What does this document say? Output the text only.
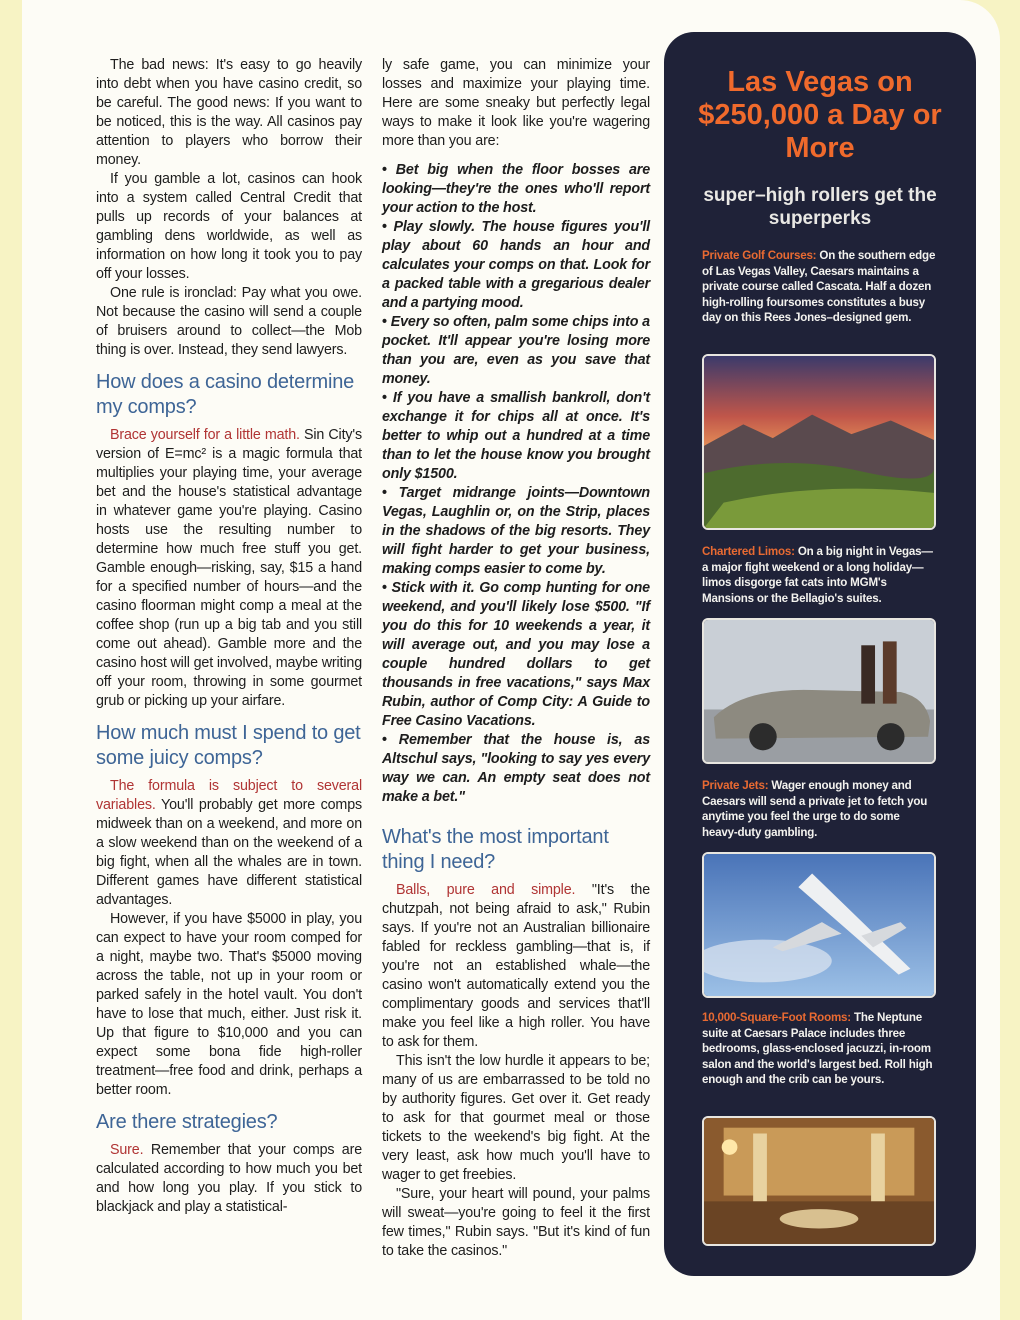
The bad news: It's easy to go heavily into debt when you have casino credit, so be careful. The good news: If you want to be noticed, this is the way. All casinos pay attention to players who borrow their money.

If you gamble a lot, casinos can hook into a system called Central Credit that pulls up records of your balances at gambling dens worldwide, as well as information on how long it took you to pay off your losses.

One rule is ironclad: Pay what you owe. Not because the casino will send a couple of bruisers around to collect—the Mob thing is over. Instead, they send lawyers.

How does a casino determine my comps?

Brace yourself for a little math. Sin City's version of E=mc² is a magic formula that multiplies your playing time, your average bet and the house's statistical advantage in whatever game you're playing. Casino hosts use the resulting number to determine how much free stuff you get. Gamble enough—risking, say, $15 a hand for a specified number of hours—and the casino floorman might comp a meal at the coffee shop (run up a big tab and you still come out ahead). Gamble more and the casino host will get involved, maybe writing off your room, throwing in some gourmet grub or picking up your airfare.

How much must I spend to get some juicy comps?

The formula is subject to several variables. You'll probably get more comps midweek than on a weekend, and more on a slow weekend than on the weekend of a big fight, when all the whales are in town. Different games have different statistical advantages.

However, if you have $5000 in play, you can expect to have your room comped for a night, maybe two. That's $5000 moving across the table, not up in your room or parked safely in the hotel vault. You don't have to lose that much, either. Just risk it. Up that figure to $10,000 and you can expect some bona fide high-roller treatment—free food and drink, perhaps a better room.

Are there strategies?

Sure. Remember that your comps are calculated according to how much you bet and how long you play. If you stick to blackjack and play a statistical-

ly safe game, you can minimize your losses and maximize your playing time. Here are some sneaky but perfectly legal ways to make it look like you're wagering more than you are:

• Bet big when the floor bosses are looking—they're the ones who'll report your action to the host.

• Play slowly. The house figures you'll play about 60 hands an hour and calculates your comps on that. Look for a packed table with a gregarious dealer and a partying mood.

• Every so often, palm some chips into a pocket. It'll appear you're losing more than you are, even as you save that money.

• If you have a smallish bankroll, don't exchange it for chips all at once. It's better to whip out a hundred at a time than to let the house know you brought only $1500.

• Target midrange joints—Downtown Vegas, Laughlin or, on the Strip, places in the shadows of the big resorts. They will fight harder to get your business, making comps easier to come by.

• Stick with it. Go comp hunting for one weekend, and you'll likely lose $500. "If you do this for 10 weekends a year, it will average out, and you may lose a couple hundred dollars to get thousands in free vacations," says Max Rubin, author of Comp City: A Guide to Free Casino Vacations.

• Remember that the house is, as Altschul says, "looking to say yes every way we can. An empty seat does not make a bet."

What's the most important thing I need?

Balls, pure and simple. "It's the chutzpah, not being afraid to ask," Rubin says. If you're not an Australian billionaire fabled for reckless gambling—that is, if you're not an established whale—the casino won't automatically extend you the complimentary goods and services that'll make you feel like a high roller. You have to ask for them.

This isn't the low hurdle it appears to be; many of us are embarrassed to be told no by authority figures. Get over it. Get ready to ask for that gourmet meal or those tickets to the weekend's big fight. At the very least, ask how much you'll have to wager to get freebies.

"Sure, your heart will pound, your palms will sweat—you're going to feel it the first few times," Rubin says. "But it's kind of fun to take the casinos."

Las Vegas on $250,000 a Day or More
super–high rollers get the superperks
Private Golf Courses: On the southern edge of Las Vegas Valley, Caesars maintains a private course called Cascata. Half a dozen high-rolling foursomes constitutes a busy day on this Rees Jones–designed gem.
Chartered Limos: On a big night in Vegas—a major fight weekend or a long holiday—limos disgorge fat cats into MGM's Mansions or the Bellagio's suites.
Private Jets: Wager enough money and Caesars will send a private jet to fetch you anytime you feel the urge to do some heavy-duty gambling.
10,000-Square-Foot Rooms: The Neptune suite at Caesars Palace includes three bedrooms, glass-enclosed jacuzzi, in-room salon and the world's largest bed. Roll high enough and the crib can be yours.
